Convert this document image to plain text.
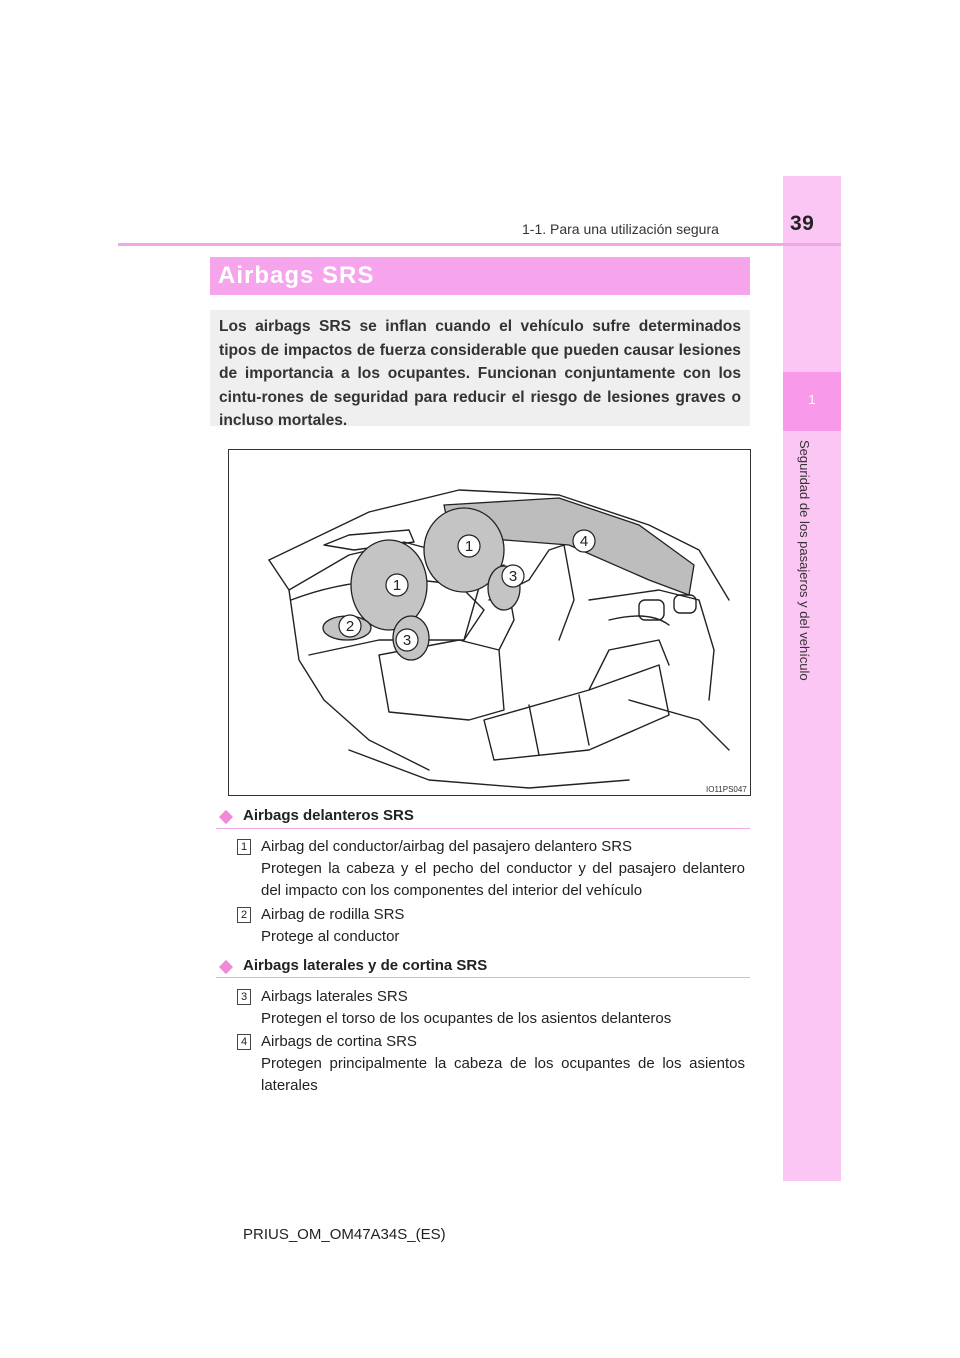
1
Seguridad de los pasajeros y del vehículo
1-1. Para una utilización segura	39
Airbags SRS
Los airbags SRS se inflan cuando el vehículo sufre determinados tipos de impactos de fuerza considerable que pueden causar lesiones de importancia a los ocupantes. Funcionan conjuntamente con los cintu-rones de seguridad para reducir el riesgo de lesiones graves o incluso mortales.
1
1
2
3
3
4
IO11PS047
Airbags delanteros SRS
1 Airbag del conductor/airbag del pasajero delantero SRS
Protegen la cabeza y el pecho del conductor y del pasajero delantero del impacto con los componentes del interior del vehículo
2 Airbag de rodilla SRS
Protege al conductor
Airbags laterales y de cortina SRS
3 Airbags laterales SRS
Protegen el torso de los ocupantes de los asientos delanteros
4 Airbags de cortina SRS
Protegen principalmente la cabeza de los ocupantes de los asientos laterales
PRIUS_OM_OM47A34S_(ES)
